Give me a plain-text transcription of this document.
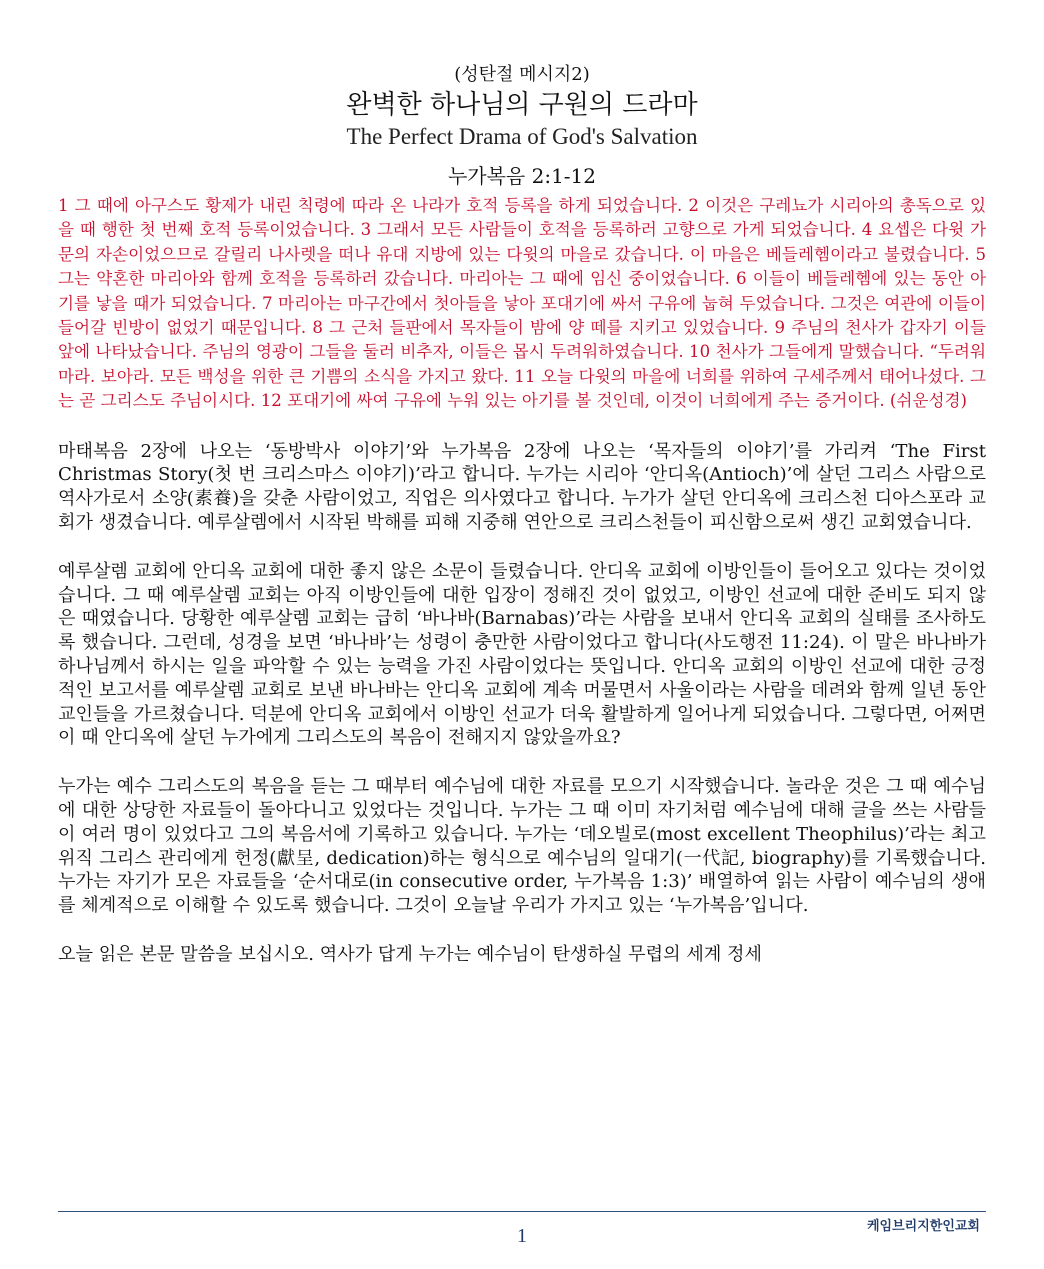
(성탄절 메시지2)
완벽한 하나님의 구원의 드라마
The Perfect Drama of God's Salvation
누가복음 2:1-12

1 그 때에 아구스도 황제가 내린 칙령에 따라 온 나라가 호적 등록을 하게 되었습니다. 2 이것은 구레뇨가 시리아의 총독으로 있을 때 행한 첫 번째 호적 등록이었습니다. 3 그래서 모든 사람들이 호적을 등록하러 고향으로 가게 되었습니다. 4 요셉은 다윗 가문의 자손이었으므로 갈릴리 나사렛을 떠나 유대 지방에 있는 다윗의 마을로 갔습니다. 이 마을은 베들레헴이라고 불렸습니다. 5 그는 약혼한 마리아와 함께 호적을 등록하러 갔습니다. 마리아는 그 때에 임신 중이었습니다. 6 이들이 베들레헴에 있는 동안 아기를 낳을 때가 되었습니다. 7 마리아는 마구간에서 첫아들을 낳아 포대기에 싸서 구유에 눕혀 두었습니다. 그것은 여관에 이들이 들어갈 빈방이 없었기 때문입니다. 8 그 근처 들판에서 목자들이 밤에 양 떼를 지키고 있었습니다. 9 주님의 천사가 갑자기 이들 앞에 나타났습니다. 주님의 영광이 그들을 둘러 비추자, 이들은 몹시 두려워하였습니다. 10 천사가 그들에게 말했습니다. “두려워 마라. 보아라. 모든 백성을 위한 큰 기쁨의 소식을 가지고 왔다. 11 오늘 다윗의 마을에 너희를 위하여 구세주께서 태어나셨다. 그는 곧 그리스도 주님이시다. 12 포대기에 싸여 구유에 누워 있는 아기를 볼 것인데, 이것이 너희에게 주는 증거이다. (쉬운성경)

마태복음 2장에 나오는 ‘동방박사 이야기’와 누가복음 2장에 나오는 ‘목자들의 이야기’를 가리켜 ‘The First Christmas Story(첫 번 크리스마스 이야기)’라고 합니다. 누가는 시리아 ‘안디옥(Antioch)’에 살던 그리스 사람으로 역사가로서 소양(素養)을 갖춘 사람이었고, 직업은 의사였다고 합니다. 누가가 살던 안디옥에 크리스천 디아스포라 교회가 생겼습니다. 예루살렘에서 시작된 박해를 피해 지중해 연안으로 크리스천들이 피신함으로써 생긴 교회였습니다.

예루살렘 교회에 안디옥 교회에 대한 좋지 않은 소문이 들렸습니다. 안디옥 교회에 이방인들이 들어오고 있다는 것이었습니다. 그 때 예루살렘 교회는 아직 이방인들에 대한 입장이 정해진 것이 없었고, 이방인 선교에 대한 준비도 되지 않은 때였습니다. 당황한 예루살렘 교회는 급히 ‘바나바(Barnabas)’라는 사람을 보내서 안디옥 교회의 실태를 조사하도록 했습니다. 그런데, 성경을 보면 ‘바나바’는 성령이 충만한 사람이었다고 합니다(사도행전 11:24). 이 말은 바나바가 하나님께서 하시는 일을 파악할 수 있는 능력을 가진 사람이었다는 뜻입니다. 안디옥 교회의 이방인 선교에 대한 긍정적인 보고서를 예루살렘 교회로 보낸 바나바는 안디옥 교회에 계속 머물면서 사울이라는 사람을 데려와 함께 일년 동안 교인들을 가르쳤습니다. 덕분에 안디옥 교회에서 이방인 선교가 더욱 활발하게 일어나게 되었습니다. 그렇다면, 어쩌면 이 때 안디옥에 살던 누가에게 그리스도의 복음이 전해지지 않았을까요?

누가는 예수 그리스도의 복음을 듣는 그 때부터 예수님에 대한 자료를 모으기 시작했습니다. 놀라운 것은 그 때 예수님에 대한 상당한 자료들이 돌아다니고 있었다는 것입니다. 누가는 그 때 이미 자기처럼 예수님에 대해 글을 쓰는 사람들이 여러 명이 있었다고 그의 복음서에 기록하고 있습니다. 누가는 ‘데오빌로(most excellent Theophilus)’라는 최고위직 그리스 관리에게 헌정(獻呈, dedication)하는 형식으로 예수님의 일대기(一代記, biography)를 기록했습니다. 누가는 자기가 모은 자료들을 ‘순서대로(in consecutive order, 누가복음 1:3)’ 배열하여 읽는 사람이 예수님의 생애를 체계적으로 이해할 수 있도록 했습니다. 그것이 오늘날 우리가 가지고 있는 ‘누가복음’입니다.

오늘 읽은 본문 말씀을 보십시오. 역사가 답게 누가는 예수님이 탄생하실 무렵의 세계 정세

케임브리지한인교회
1
